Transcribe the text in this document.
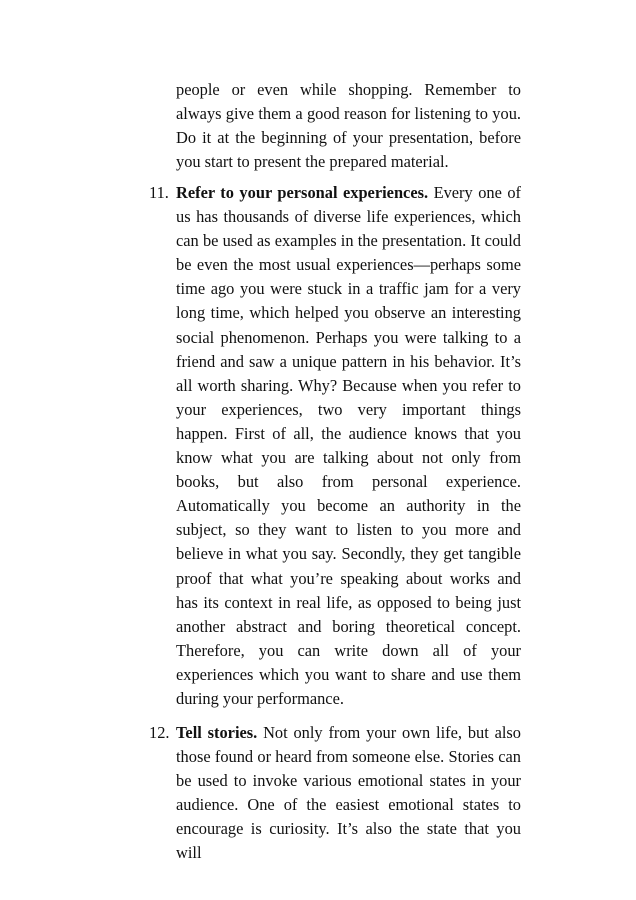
people or even while shopping. Remember to always give them a good reason for listening to you. Do it at the beginning of your presentation, before you start to present the prepared material.

11. Refer to your personal experiences. Every one of us has thousands of diverse life experiences, which can be used as examples in the presentation. It could be even the most usual experiences—perhaps some time ago you were stuck in a traffic jam for a very long time, which helped you observe an interesting social phenomenon. Perhaps you were talking to a friend and saw a unique pattern in his behavior. It’s all worth sharing. Why? Because when you refer to your experiences, two very important things happen. First of all, the audience knows that you know what you are talking about not only from books, but also from personal experience. Automatically you become an authority in the subject, so they want to listen to you more and believe in what you say. Secondly, they get tangible proof that what you’re speaking about works and has its context in real life, as opposed to being just another abstract and boring theoretical concept. Therefore, you can write down all of your experiences which you want to share and use them during your performance.
12. Tell stories. Not only from your own life, but also those found or heard from someone else. Stories can be used to invoke various emotional states in your audience. One of the easiest emotional states to encourage is curiosity. It’s also the state that you will
